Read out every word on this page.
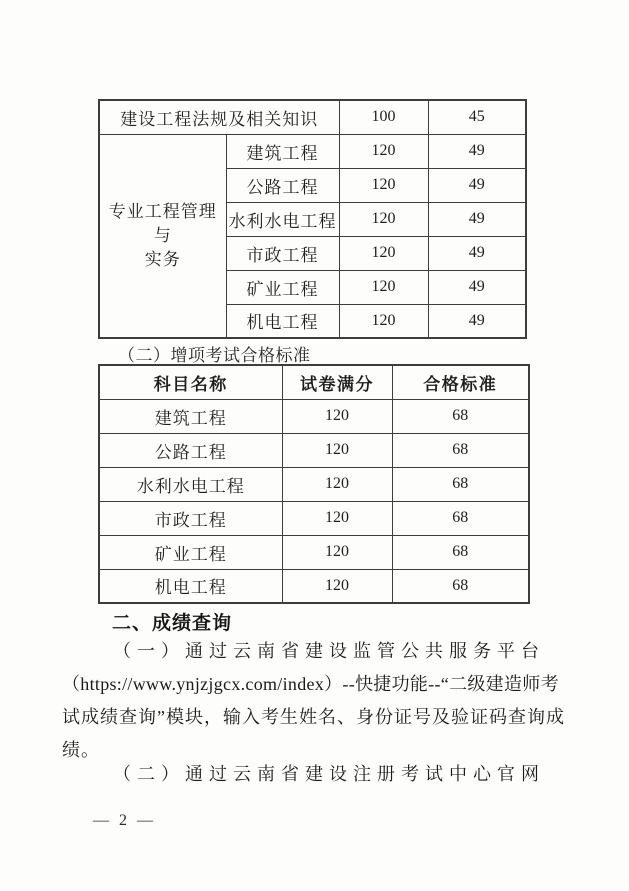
建设工程法规及相关知识		100	45

专业工程管理与
实务	建筑工程	120	49
	公路工程	120	49
	水利水电工程	120	49
	市政工程	120	49
	矿业工程	120	49
	机电工程	120	49
（二）增项考试合格标准
科目名称	试卷满分	合格标准
建筑工程	120	68
公路工程	120	68
水利水电工程	120	68
市政工程	120	68
矿业工程	120	68
机电工程	120	68
二、成绩查询
（一）通过云南省建设监管公共服务平台
（https://www.ynjzjgcx.com/index）--快捷功能--“二级建造师考
试成绩查询”模块，输入考生姓名、身份证号及验证码查询成
绩。
（二）通过云南省建设注册考试中心官网
— 2 —
